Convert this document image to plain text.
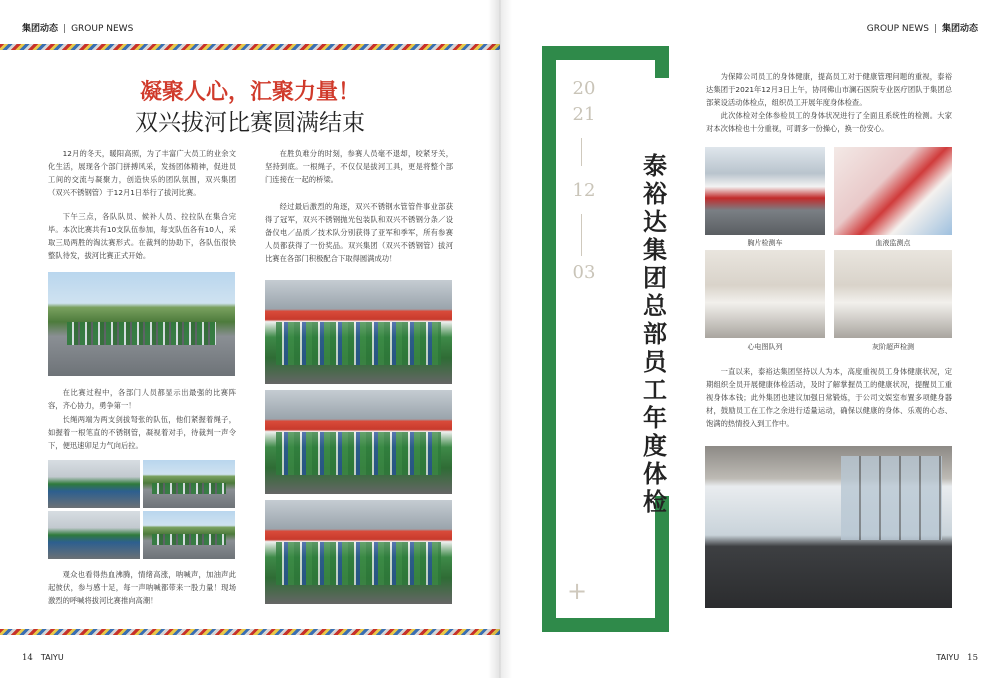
集团动态 | GROUP NEWS
凝聚人心，汇聚力量！
双兴拔河比赛圆满结束
12月的冬天，暖阳高照，为了丰富广大员工的业余文化生活，展现各个部门拼搏风采，发扬团体精神，促进员工间的交流与凝聚力，创造快乐的团队氛围，双兴集团（双兴不锈钢管）于12月1日举行了拔河比赛。
下午三点，各队队员、候补人员、拉拉队在集合完毕。本次比赛共有10支队伍参加，每支队伍各有10人，采取三局两胜的淘汰赛形式。在裁判的协助下，各队伍很快整队待发，拔河比赛正式开始。
在比赛过程中，各部门人员都显示出最强的比赛阵容，齐心协力，勇争第一！
长绳两端为两支剑拔弩张的队伍，他们紧握着绳子，如握着一根笔直的不锈钢管，凝视着对手，待裁判一声令下，便迅速卯足力气向后拉。
观众也看得热血沸腾，情绪高涨，呐喊声，加油声此起彼伏，参与感十足，每一声呐喊都带来一股力量！现场激烈的呼喊将拔河比赛推向高潮！
在胜负难分的时刻，参赛人员毫不退却，咬紧牙关，坚持到底。一根绳子，不仅仅是拔河工具，更是将整个部门连接在一起的桥梁。
经过最后激烈的角逐，双兴不锈钢水管管件事业部获得了冠军，双兴不锈钢抛光包装队和双兴不锈钢分条／设备仪电／品质／技术队分别获得了亚军和季军，所有参赛人员都获得了一份奖品。双兴集团（双兴不锈钢管）拔河比赛在各部门积极配合下取得圆满成功！
14 TAIYU
GROUP NEWS | 集团动态
20
21
12
03
+
泰裕达集团总部员工年度体检
为保障公司员工的身体健康，提高员工对于健康管理问题的重视，泰裕达集团于2021年12月3日上午，协同佛山市澜石医院专业医疗团队于集团总部莱设活动体检点，组织员工开展年度身体检查。
此次体检对全体参检员工的身体状况进行了全面且系统性的检测。大家对本次体检也十分重视，可谓多一份操心，换一份安心。
胸片检测车	血液监测点
心电图队列	灰阶超声检测
一直以来，泰裕达集团坚持以人为本，高度重视员工身体健康状况，定期组织全员开展健康体检活动，及时了解掌握员工的健康状况，提醒员工重视身体本钱；此外集团也建议加强日常锻炼，于公司文娱室布置多项健身器材，鼓励员工在工作之余进行适量运动，确保以健康的身体、乐观的心态、饱满的热情投入到工作中。
TAIYU 15
